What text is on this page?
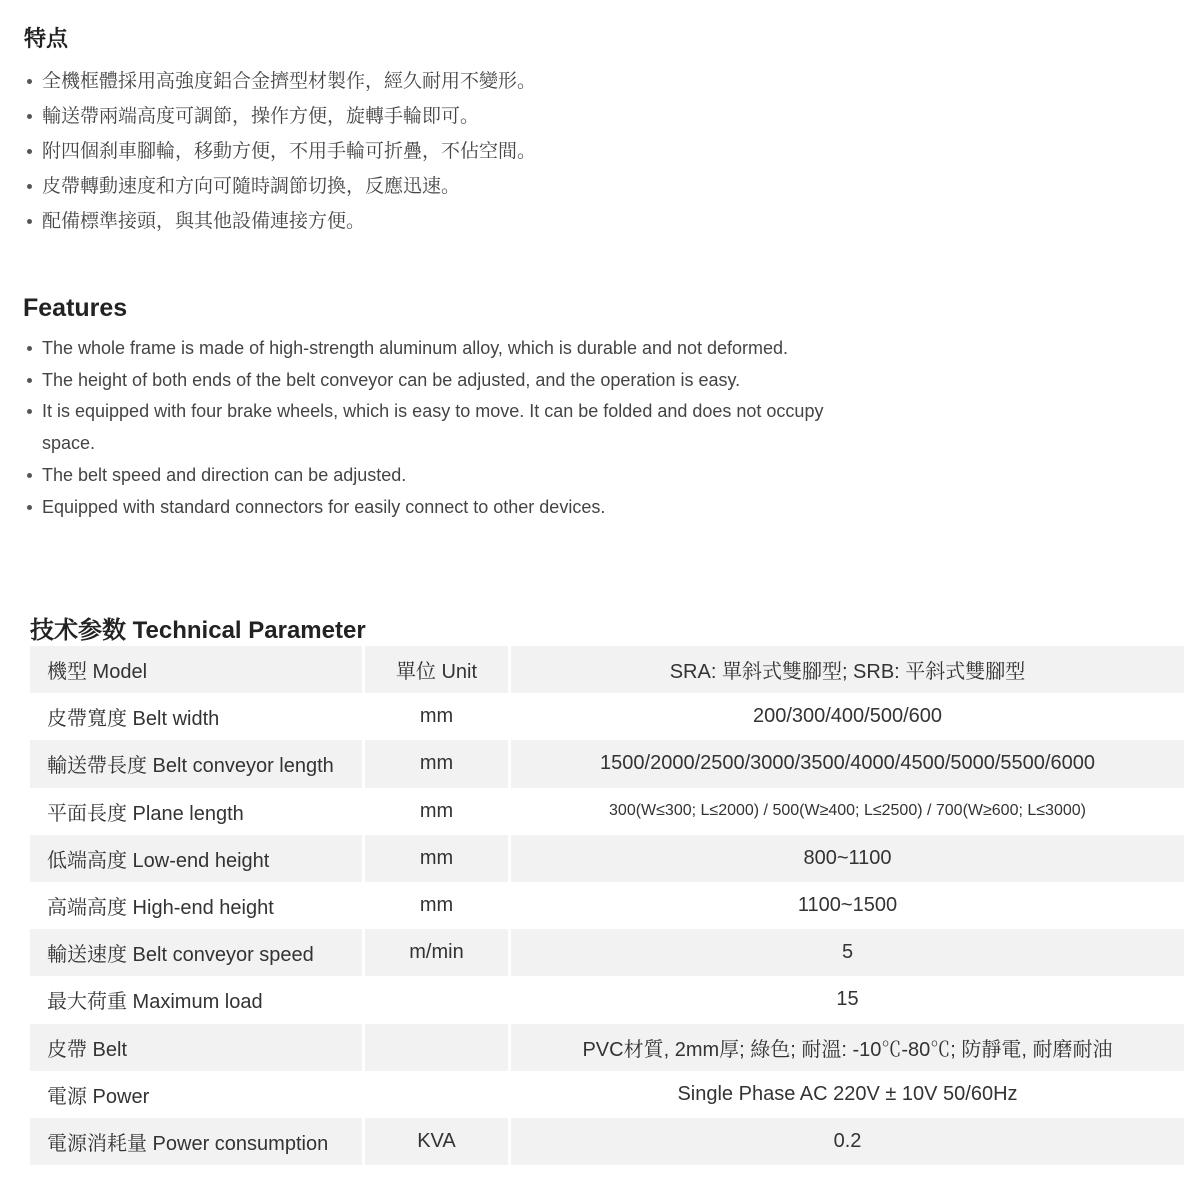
特点
全機框體採用高強度鋁合金擠型材製作，經久耐用不變形。
輸送帶兩端高度可調節，操作方便，旋轉手輪即可。
附四個刹車腳輪，移動方便，不用手輪可折疊，不佔空間。
皮帶轉動速度和方向可隨時調節切換，反應迅速。
配備標準接頭，與其他設備連接方便。
Features
The whole frame is made of high-strength aluminum alloy, which is durable and not deformed.
The height of both ends of the belt conveyor can be adjusted, and the operation is easy.
It is equipped with four brake wheels, which is easy to move. It can be folded and does not occupy space.
The belt speed and direction can be adjusted.
Equipped with standard connectors for easily connect to other devices.
技术参数 Technical Parameter
機型 Model	單位 Unit	SRA: 單斜式雙腳型; SRB: 平斜式雙腳型
皮帶寬度 Belt width	mm	200/300/400/500/600
輸送帶長度 Belt conveyor length	mm	1500/2000/2500/3000/3500/4000/4500/5000/5500/6000
平面長度 Plane length	mm	300(W≤300; L≤2000) / 500(W≥400; L≤2500) / 700(W≥600; L≤3000)
低端高度 Low-end height	mm	800~1100
高端高度 High-end height	mm	1100~1500
輸送速度 Belt conveyor speed	m/min	5
最大荷重 Maximum load		15
皮帶 Belt		PVC材質, 2mm厚; 綠色; 耐溫: -10℃-80℃; 防靜電, 耐磨耐油
電源 Power		Single Phase AC 220V ± 10V 50/60Hz
電源消耗量 Power consumption	KVA	0.2
